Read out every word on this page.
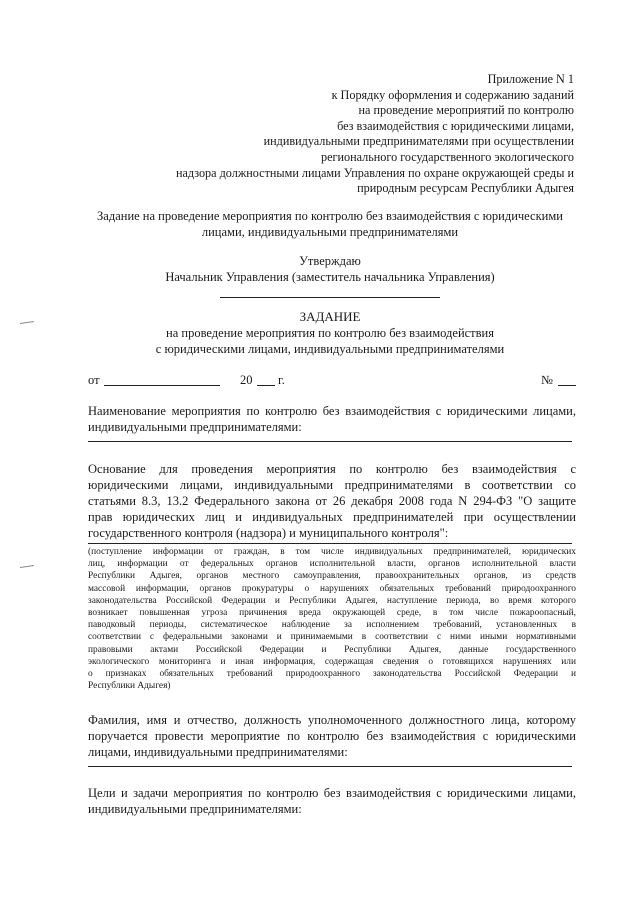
Приложение N 1
к Порядку оформления и содержанию заданий
на проведение мероприятий по контролю
без взаимодействия с юридическими лицами,
индивидуальными предпринимателями при осуществлении
регионального государственного экологического
надзора должностными лицами Управления по охране окружающей среды и
природным ресурсам Республики Адыгея
Задание на проведение мероприятия по контролю без взаимодействия с юридическими
лицами, индивидуальными предпринимателями
Утверждаю
Начальник Управления (заместитель начальника Управления)
ЗАДАНИЕ
на проведение мероприятия по контролю без взаимодействия
с юридическими лицами, индивидуальными предпринимателями
от	20 г.	№
Наименование мероприятия по контролю без взаимодействия с юридическими лицами,
индивидуальными предпринимателями:
Основание для проведения мероприятия по контролю без взаимодействия с
юридическими лицами, индивидуальными предпринимателями в соответствии со
статьями 8.3, 13.2 Федерального закона от 26 декабря 2008 года N 294-ФЗ "О защите
прав юридических лиц и индивидуальных предпринимателей при осуществлении
государственного контроля (надзора) и муниципального контроля":
(поступление информации от граждан, в том числе индивидуальных предпринимателей, юридических
лиц, информации от федеральных органов исполнительной власти, органов исполнительной власти
Республики Адыгея, органов местного самоуправления, правоохранительных органов, из средств
массовой информации, органов прокуратуры о нарушениях обязательных требований природоохранного
законодательства Российской Федерации и Республики Адыгея, наступление периода, во время которого
возникает повышенная угроза причинения вреда окружающей среде, в том числе пожароопасный,
паводковый периоды, систематическое наблюдение за исполнением требований, установленных в
соответствии с федеральными законами и принимаемыми в соответствии с ними иными нормативными
правовыми актами Российской Федерации и Республики Адыгея, данные государственного
экологического мониторинга и иная информация, содержащая сведения о готовящихся нарушениях или
о признаках обязательных требований природоохранного законодательства Российской Федерации и
Республики Адыгея)
Фамилия, имя и отчество, должность уполномоченного должностного лица, которому
поручается провести мероприятие по контролю без взаимодействия с юридическими
лицами, индивидуальными предпринимателями:
Цели и задачи мероприятия по контролю без взаимодействия с юридическими лицами,
индивидуальными предпринимателями:
